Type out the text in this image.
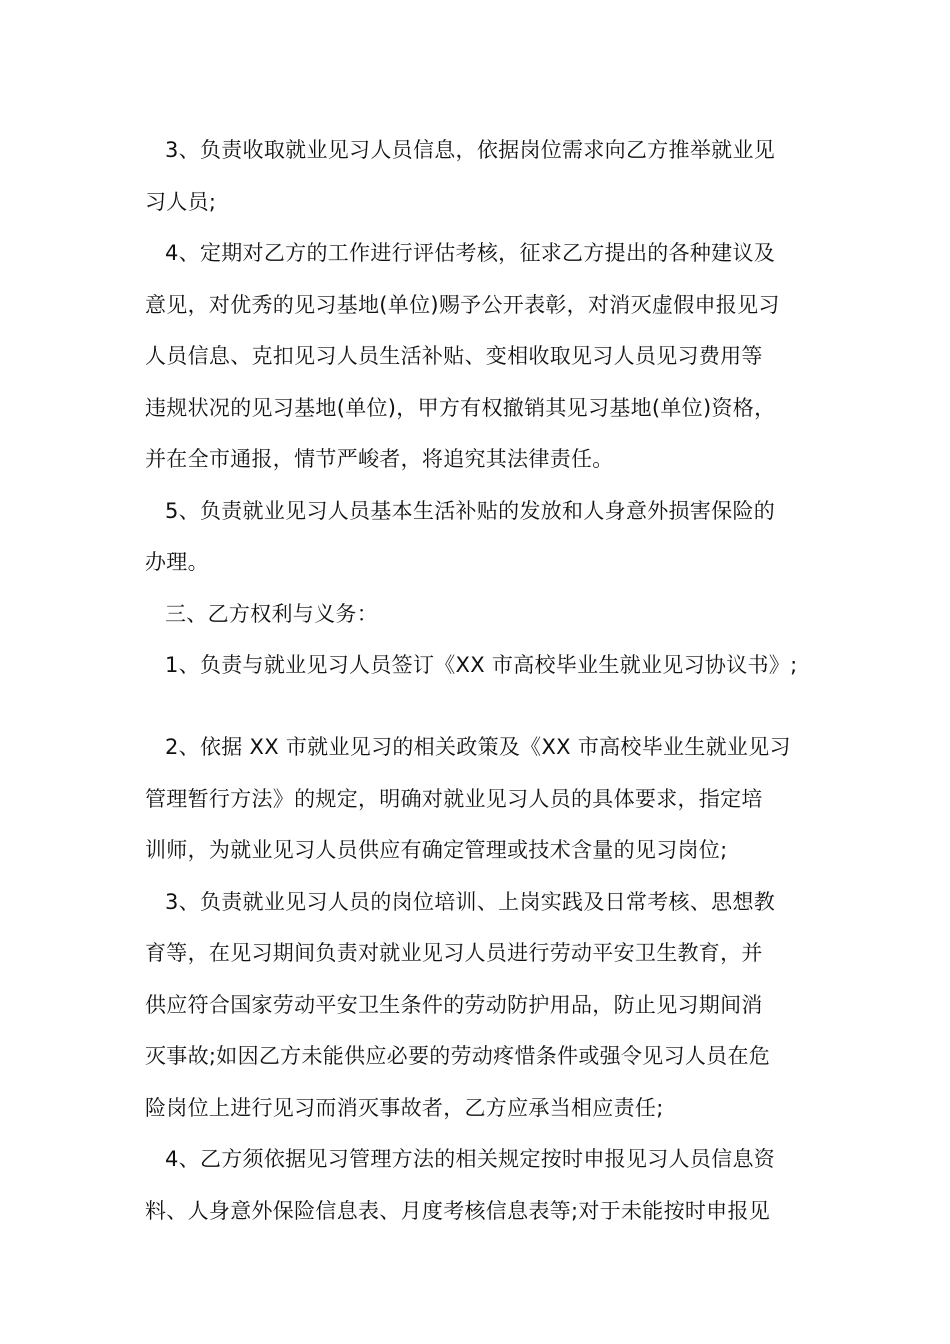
3、负责收取就业见习人员信息，依据岗位需求向乙方推举就业见
习人员;
4、定期对乙方的工作进行评估考核，征求乙方提出的各种建议及
意见，对优秀的见习基地(单位)赐予公开表彰，对消灭虚假申报见习
人员信息、克扣见习人员生活补贴、变相收取见习人员见习费用等
违规状况的见习基地(单位)，甲方有权撤销其见习基地(单位)资格，
并在全市通报，情节严峻者，将追究其法律责任。
5、负责就业见习人员基本生活补贴的发放和人身意外损害保险的
办理。
三、乙方权利与义务：
1、负责与就业见习人员签订《XX 市高校毕业生就业见习协议书》;
2、依据 XX 市就业见习的相关政策及《XX 市高校毕业生就业见习
管理暂行方法》的规定，明确对就业见习人员的具体要求，指定培
训师，为就业见习人员供应有确定管理或技术含量的见习岗位;
3、负责就业见习人员的岗位培训、上岗实践及日常考核、思想教
育等，在见习期间负责对就业见习人员进行劳动平安卫生教育，并
供应符合国家劳动平安卫生条件的劳动防护用品，防止见习期间消
灭事故;如因乙方未能供应必要的劳动疼惜条件或强令见习人员在危
险岗位上进行见习而消灭事故者，乙方应承当相应责任;
4、乙方须依据见习管理方法的相关规定按时申报见习人员信息资
料、人身意外保险信息表、月度考核信息表等;对于未能按时申报见
